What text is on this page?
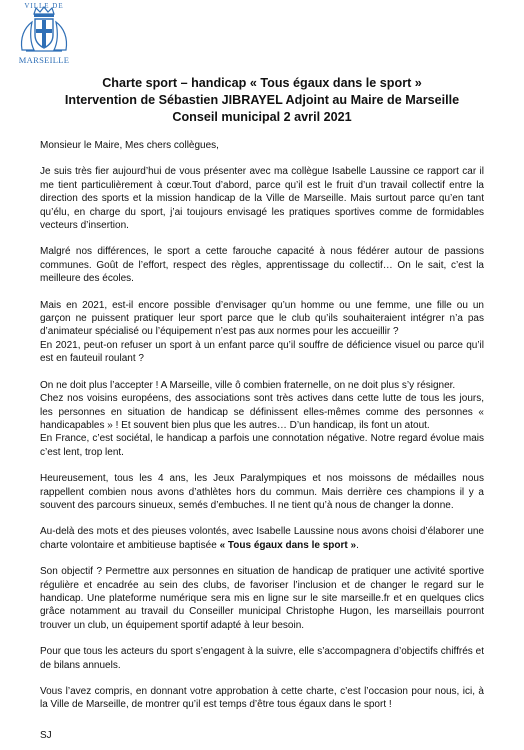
VILLE DE
MARSEILLE
Charte sport – handicap « Tous égaux dans le sport »
Intervention de Sébastien JIBRAYEL Adjoint au Maire de Marseille
Conseil municipal 2 avril 2021

Monsieur le Maire, Mes chers collègues,

Je suis très fier aujourd’hui de vous présenter avec ma collègue Isabelle Laussine ce rapport car il me tient particulièrement à cœur.Tout d’abord, parce qu’il est le fruit d’un travail collectif entre la direction des sports et la mission handicap de la Ville de Marseille. Mais surtout parce qu’en tant qu’élu, en charge du sport, j’ai toujours envisagé les pratiques sportives comme de formidables vecteurs d’insertion.

Malgré nos différences, le sport a cette farouche capacité à nous fédérer autour de passions communes. Goût de l’effort, respect des règles, apprentissage du collectif… On le sait, c’est la meilleure des écoles.

Mais en 2021, est-il encore possible d’envisager qu’un homme ou une femme, une fille ou un garçon ne puissent pratiquer leur sport parce que le club qu’ils souhaiteraient intégrer n’a pas d’animateur spécialisé ou l’équipement n’est pas aux normes pour les accueillir ?
En 2021, peut-on refuser un sport à un enfant parce qu’il souffre de déficience visuel ou parce qu’il est en fauteuil roulant ?

On ne doit plus l’accepter ! A Marseille, ville ô combien fraternelle, on ne doit plus s’y résigner.
Chez nos voisins européens, des associations sont très actives dans cette lutte de tous les jours, les personnes en situation de handicap se définissent elles-mêmes comme des personnes « handicapables » ! Et souvent bien plus que les autres… D’un handicap, ils font un atout.
En France, c’est sociétal, le handicap a parfois une connotation négative. Notre regard évolue mais c’est lent, trop lent.

Heureusement, tous les 4 ans, les Jeux Paralympiques et nos moissons de médailles nous rappellent combien nous avons d’athlètes hors du commun. Mais derrière ces champions il y a souvent des parcours sinueux, semés d’embuches. Il ne tient qu’à nous de changer la donne.

Au-delà des mots et des pieuses volontés, avec Isabelle Laussine nous avons choisi d’élaborer une charte volontaire et ambitieuse baptisée « Tous égaux dans le sport ».

Son objectif ? Permettre aux personnes en situation de handicap de pratiquer une activité sportive régulière et encadrée au sein des clubs, de favoriser l’inclusion et de changer le regard sur le handicap. Une plateforme numérique sera mis en ligne sur le site marseille.fr et en quelques clics grâce notamment au travail du Conseiller municipal Christophe Hugon, les marseillais pourront trouver un club, un équipement sportif adapté à leur besoin.

Pour que tous les acteurs du sport s’engagent à la suivre, elle s’accompagnera d’objectifs chiffrés et de bilans annuels.

Vous l’avez compris, en donnant votre approbation à cette charte, c’est l’occasion pour nous, ici, à la Ville de Marseille, de montrer qu’il est temps d’être tous égaux dans le sport !

SJ
